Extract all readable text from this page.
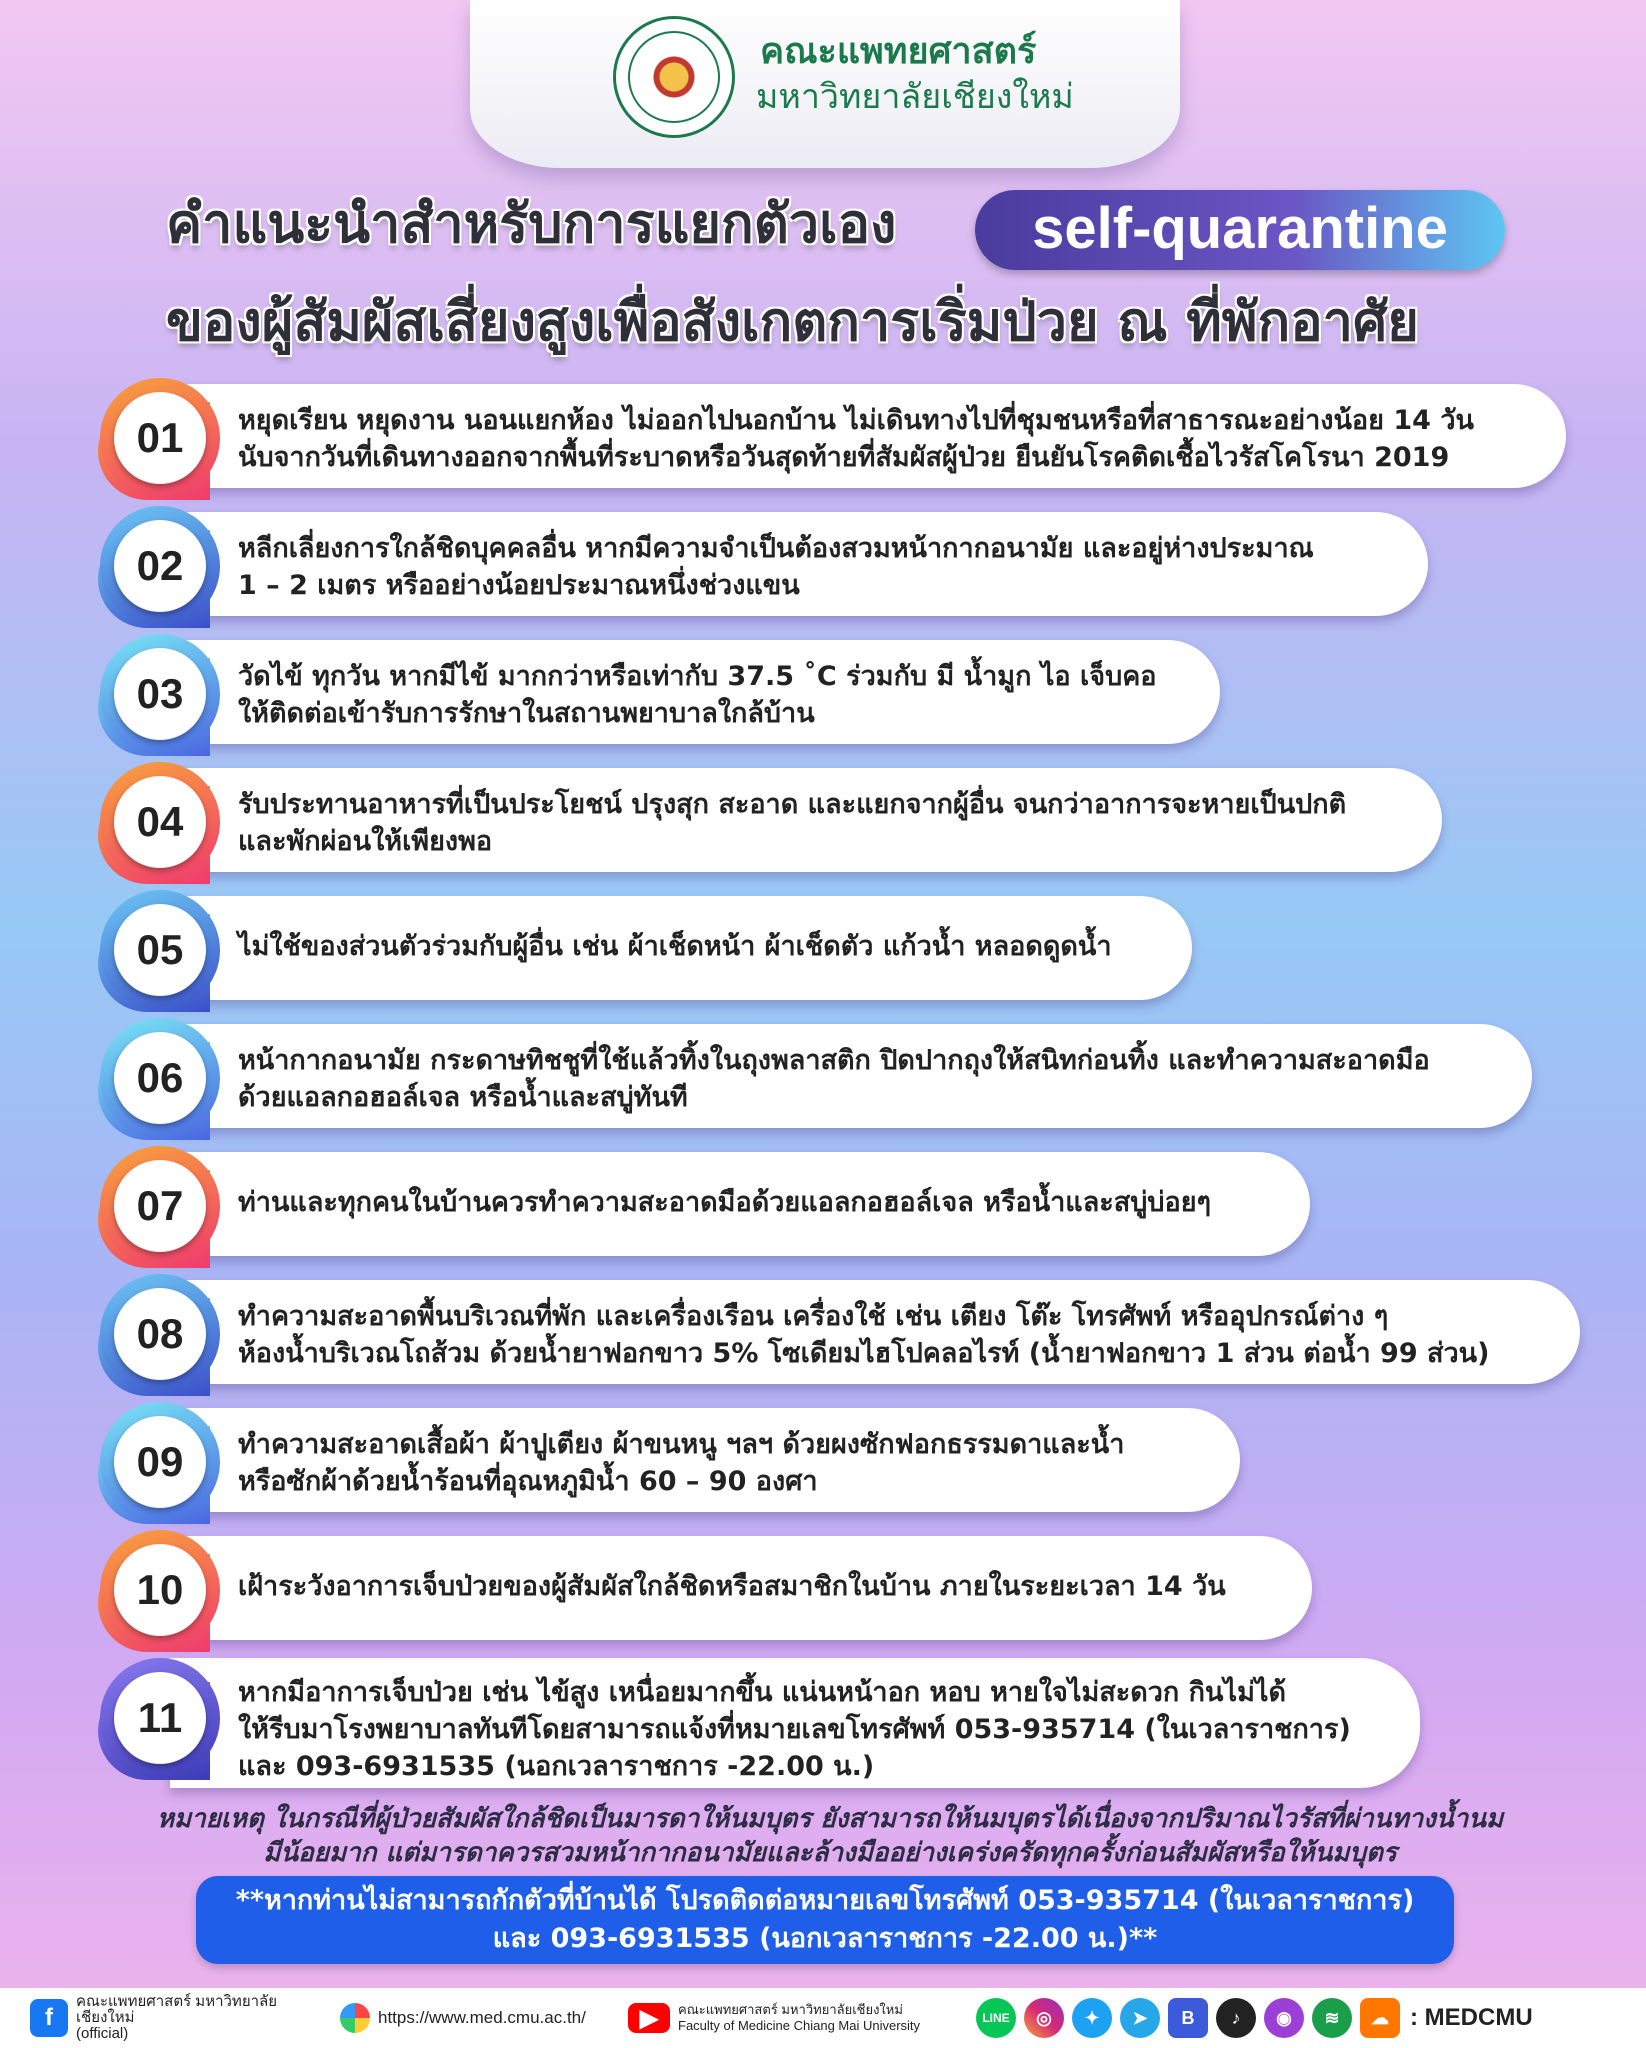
คณะแพทยศาสตร์
มหาวิทยาลัยเชียงใหม่
คำแนะนำสำหรับการแยกตัวเอง	self-quarantine
ของผู้สัมผัสเสี่ยงสูงเพื่อสังเกตการเริ่มป่วย ณ ที่พักอาศัย
01	หยุดเรียน หยุดงาน นอนแยกห้อง ไม่ออกไปนอกบ้าน ไม่เดินทางไปที่ชุมชนหรือที่สาธารณะอย่างน้อย 14 วัน
นับจากวันที่เดินทางออกจากพื้นที่ระบาดหรือวันสุดท้ายที่สัมผัสผู้ป่วย ยืนยันโรคติดเชื้อไวรัสโคโรนา 2019
02	หลีกเลี่ยงการใกล้ชิดบุคคลอื่น หากมีความจำเป็นต้องสวมหน้ากากอนามัย และอยู่ห่างประมาณ
1 – 2 เมตร หรืออย่างน้อยประมาณหนึ่งช่วงแขน
03	วัดไข้ ทุกวัน หากมีไข้ มากกว่าหรือเท่ากับ 37.5 ˚C ร่วมกับ มี น้ำมูก ไอ เจ็บคอ
ให้ติดต่อเข้ารับการรักษาในสถานพยาบาลใกล้บ้าน
04	รับประทานอาหารที่เป็นประโยชน์ ปรุงสุก สะอาด และแยกจากผู้อื่น จนกว่าอาการจะหายเป็นปกติ
และพักผ่อนให้เพียงพอ
05	ไม่ใช้ของส่วนตัวร่วมกับผู้อื่น เช่น ผ้าเช็ดหน้า ผ้าเช็ดตัว แก้วน้ำ หลอดดูดน้ำ
06	หน้ากากอนามัย กระดาษทิชชูที่ใช้แล้วทิ้งในถุงพลาสติก ปิดปากถุงให้สนิทก่อนทิ้ง และทำความสะอาดมือ
ด้วยแอลกอฮอล์เจล หรือน้ำและสบู่ทันที
07	ท่านและทุกคนในบ้านควรทำความสะอาดมือด้วยแอลกอฮอล์เจล หรือน้ำและสบู่บ่อยๆ
08	ทำความสะอาดพื้นบริเวณที่พัก และเครื่องเรือน เครื่องใช้ เช่น เตียง โต๊ะ โทรศัพท์ หรืออุปกรณ์ต่าง ๆ
ห้องน้ำบริเวณโถส้วม ด้วยน้ำยาฟอกขาว 5% โซเดียมไฮโปคลอไรท์ (น้ำยาฟอกขาว 1 ส่วน ต่อน้ำ 99 ส่วน)
09	ทำความสะอาดเสื้อผ้า ผ้าปูเตียง ผ้าขนหนู ฯลฯ ด้วยผงซักฟอกธรรมดาและน้ำ
หรือซักผ้าด้วยน้ำร้อนที่อุณหภูมิน้ำ 60 – 90 องศา
10	เฝ้าระวังอาการเจ็บป่วยของผู้สัมผัสใกล้ชิดหรือสมาชิกในบ้าน ภายในระยะเวลา 14 วัน
11
หากมีอาการเจ็บป่วย เช่น ไข้สูง เหนื่อยมากขึ้น แน่นหน้าอก หอบ หายใจไม่สะดวก กินไม่ได้
ให้รีบมาโรงพยาบาลทันทีโดยสามารถแจ้งที่หมายเลขโทรศัพท์ 053-935714 (ในเวลาราชการ)
และ 093-6931535 (นอกเวลาราชการ -22.00 น.)
หมายเหตุ ในกรณีที่ผู้ป่วยสัมผัสใกล้ชิดเป็นมารดาให้นมบุตร ยังสามารถให้นมบุตรได้เนื่องจากปริมาณไวรัสที่ผ่านทางน้ำนม
มีน้อยมาก แต่มารดาควรสวมหน้ากากอนามัยและล้างมืออย่างเคร่งครัดทุกครั้งก่อนสัมผัสหรือให้นมบุตร
**หากท่านไม่สามารถกักตัวที่บ้านได้ โปรดติดต่อหมายเลขโทรศัพท์ 053-935714 (ในเวลาราชการ)
และ 093-6931535 (นอกเวลาราชการ -22.00 น.)**
f
คณะแพทยศาสตร์ มหาวิทยาลัยเชียงใหม่
(official)
https://www.med.cmu.ac.th/	▶	คณะแพทยศาสตร์ มหาวิทยาลัยเชียงใหม่
Faculty of Medicine Chiang Mai University	LINE	◎	✦	➤	B	♪	◉	≋	☁ : MEDCMU
